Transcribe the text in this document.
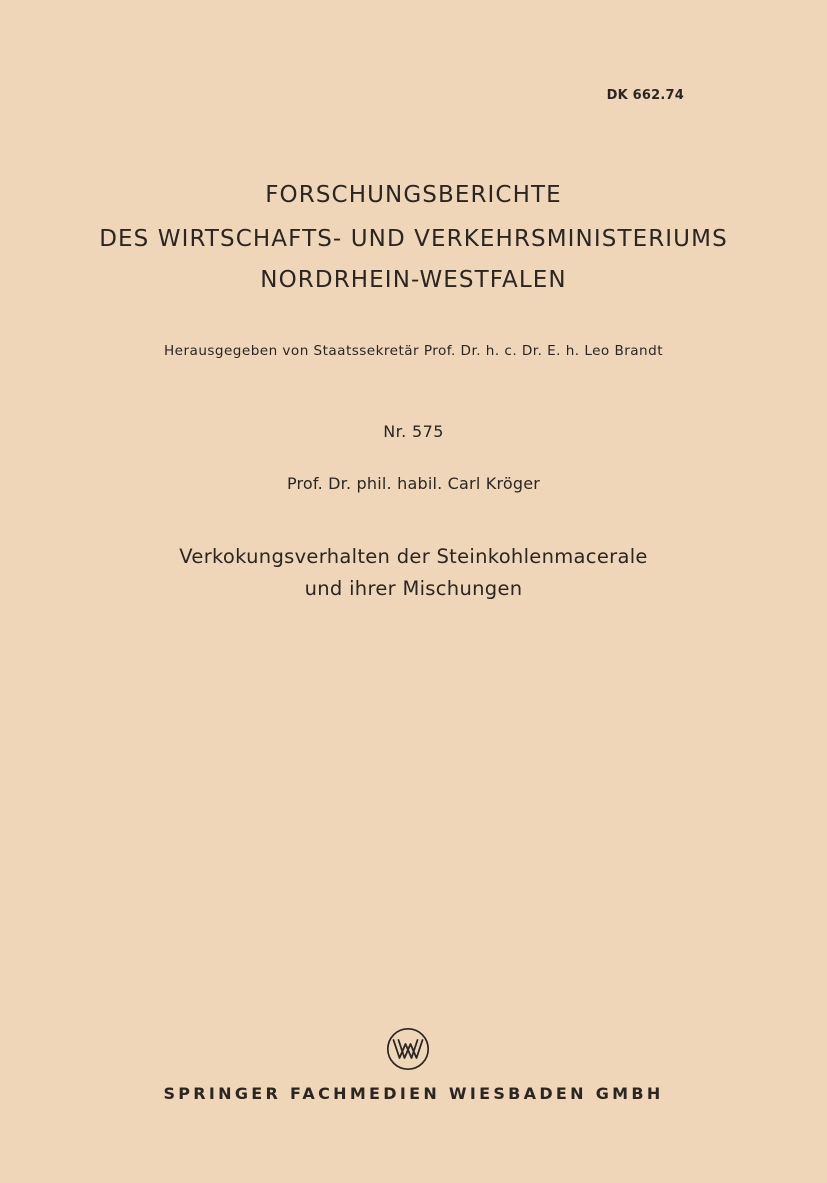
DK 662.74
FORSCHUNGSBERICHTE
DES WIRTSCHAFTS- UND VERKEHRSMINISTERIUMS
NORDRHEIN-WESTFALEN
Herausgegeben von Staatssekretär Prof. Dr. h. c. Dr. E. h. Leo Brandt
Nr. 575
Prof. Dr. phil. habil. Carl Kröger
Verkokungsverhalten der Steinkohlenmacerale
und ihrer Mischungen
SPRINGER FACHMEDIEN WIESBADEN GMBH
